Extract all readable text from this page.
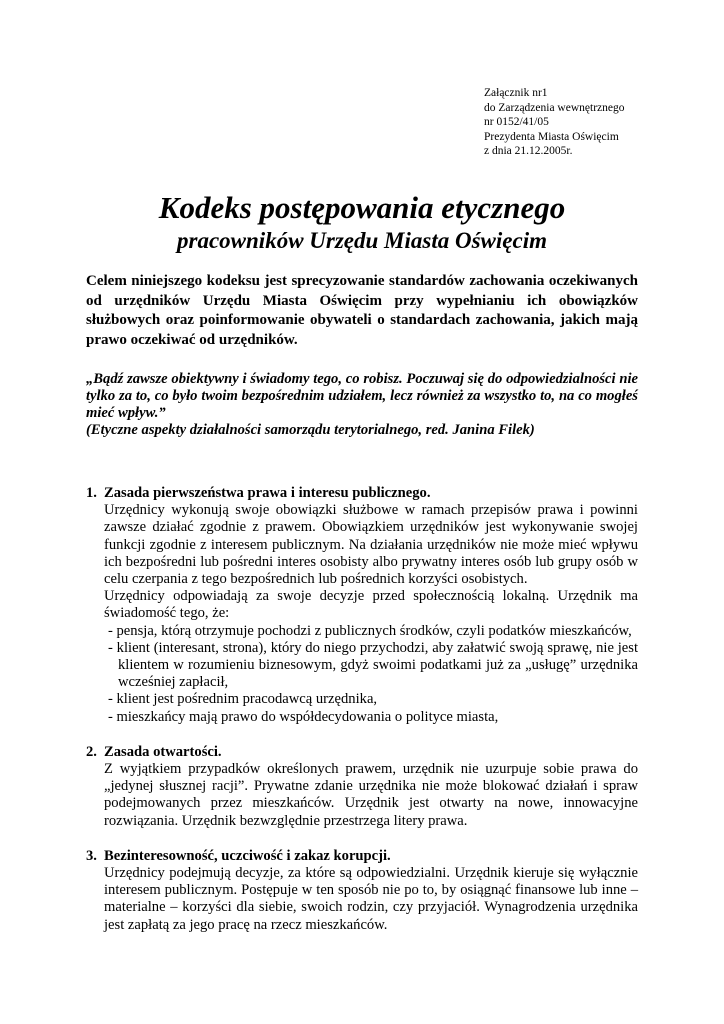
Załącznik nr1
do Zarządzenia wewnętrznego
nr 0152/41/05
Prezydenta Miasta Oświęcim
z dnia 21.12.2005r.
Kodeks postępowania etycznego
pracowników Urzędu Miasta Oświęcim

Celem niniejszego kodeksu jest sprecyzowanie standardów zachowania oczekiwanych od urzędników Urzędu Miasta Oświęcim przy wypełnianiu ich obowiązków służbowych oraz poinformowanie obywateli o standardach zachowania, jakich mają prawo oczekiwać od urzędników.

„Bądź zawsze obiektywny i świadomy tego, co robisz. Poczuwaj się do odpowiedzialności nie tylko za to, co było twoim bezpośrednim udziałem, lecz również za wszystko to, na co mogłeś mieć wpływ.”

(Etyczne aspekty działalności samorządu terytorialnego, red. Janina Filek)

1. Zasada pierwszeństwa prawa i interesu publicznego.

Urzędnicy wykonują swoje obowiązki służbowe w ramach przepisów prawa i powinni zawsze działać zgodnie z prawem. Obowiązkiem urzędników jest wykonywanie swojej funkcji zgodnie z interesem publicznym. Na działania urzędników nie może mieć wpływu ich bezpośredni lub pośredni interes osobisty albo prywatny interes osób lub grupy osób w celu czerpania z tego bezpośrednich lub pośrednich korzyści osobistych.

Urzędnicy odpowiadają za swoje decyzje przed społecznością lokalną. Urzędnik ma świadomość tego, że:

- pensja, którą otrzymuje pochodzi z publicznych środków, czyli podatków mieszkańców,
- klient (interesant, strona), który do niego przychodzi, aby załatwić swoją sprawę, nie jest klientem w rozumieniu biznesowym, gdyż swoimi podatkami już za „usługę” urzędnika wcześniej zapłacił,
- klient jest pośrednim pracodawcą urzędnika,
- mieszkańcy mają prawo do współdecydowania o polityce miasta,
2. Zasada otwartości.

Z wyjątkiem przypadków określonych prawem, urzędnik nie uzurpuje sobie prawa do „jedynej słusznej racji”. Prywatne zdanie urzędnika nie może blokować działań i spraw podejmowanych przez mieszkańców. Urzędnik jest otwarty na nowe, innowacyjne rozwiązania. Urzędnik bezwzględnie przestrzega litery prawa.

3. Bezinteresowność, uczciwość i zakaz korupcji.

Urzędnicy podejmują decyzje, za które są odpowiedzialni. Urzędnik kieruje się wyłącznie interesem publicznym. Postępuje w ten sposób nie po to, by osiągnąć finansowe lub inne – materialne – korzyści dla siebie, swoich rodzin, czy przyjaciół. Wynagrodzenia urzędnika jest zapłatą za jego pracę na rzecz mieszkańców.
